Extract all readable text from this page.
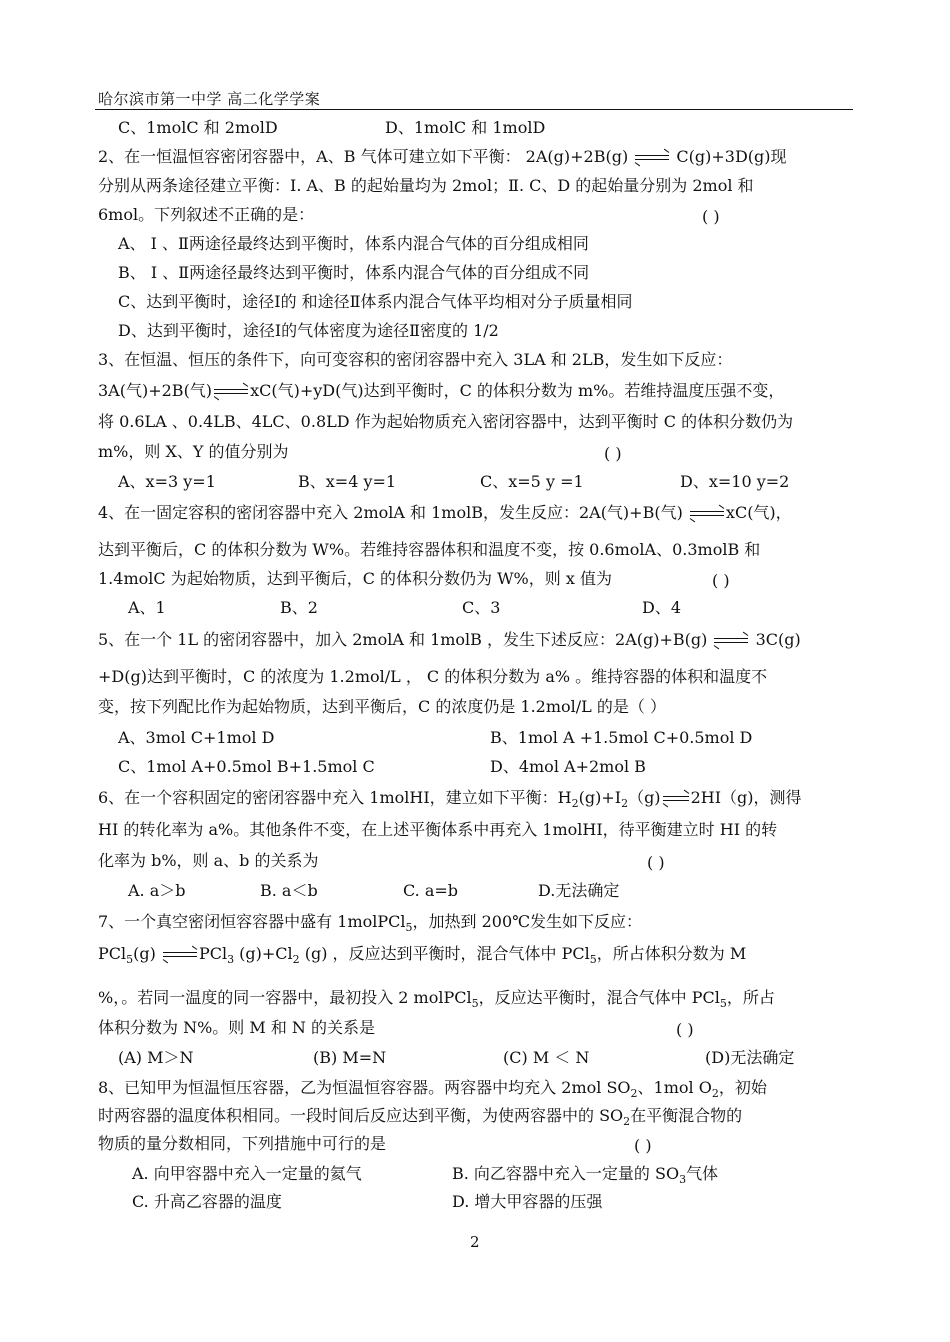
哈尔滨市第一中学 高二化学学案
C、1molC 和 2molD	D、1molC 和 1molD
2、在一恒温恒容密闭容器中，A、B 气体可建立如下平衡： 2A(g)+2B(g)	C(g)+3D(g)现
分别从两条途径建立平衡：Ⅰ. A、B 的起始量均为 2mol；Ⅱ. C、D 的起始量分别为 2mol 和
6mol。下列叙述不正确的是：	( )
A、 Ⅰ 、Ⅱ两途径最终达到平衡时，体系内混合气体的百分组成相同
B、 Ⅰ 、Ⅱ两途径最终达到平衡时，体系内混合气体的百分组成不同
C、达到平衡时，途径Ⅰ的 和途径Ⅱ体系内混合气体平均相对分子质量相同
D、达到平衡时，途径Ⅰ的气体密度为途径Ⅱ密度的 1/2
3、在恒温、恒压的条件下，向可变容积的密闭容器中充入 3LA 和 2LB，发生如下反应：
3A(气)+2B(气) xC(气)+yD(气)达到平衡时，C 的体积分数为 m%。若维持温度压强不变，
将 0.6LA 、0.4LB、4LC、0.8LD 作为起始物质充入密闭容器中，达到平衡时 C 的体积分数仍为
m%，则 X、Y 的值分别为	( )
A、x=3 y=1	B、x=4 y=1	C、x=5 y =1	D、x=10 y=2
4、在一固定容积的密闭容器中充入 2molA 和 1molB，发生反应：2A(气)+B(气)	xC(气)，
达到平衡后，C 的体积分数为 W%。若维持容器体积和温度不变，按 0.6molA、0.3molB 和
1.4molC 为起始物质，达到平衡后，C 的体积分数仍为 W%，则 x 值为	( )
A、1	B、2	C、3	D、4
5、在一个 1L 的密闭容器中，加入 2molA 和 1molB ，发生下述反应：2A(g)+B(g)	3C(g)
+D(g)达到平衡时，C 的浓度为 1.2mol/L ， C 的体积分数为 a% 。维持容器的体积和温度不
变，按下列配比作为起始物质，达到平衡后，C 的浓度仍是 1.2mol/L 的是（ ）
A、3mol C+1mol D	B、1mol A +1.5mol C+0.5mol D
C、1mol A+0.5mol B+1.5mol C	D、4mol A+2mol B
6、在一个容积固定的密闭容器中充入 1molHI，建立如下平衡：$H_2(g)+I_2(g)$ 2HI（g)，测得
HI 的转化率为 a%。其他条件不变，在上述平衡体系中再充入 1molHI，待平衡建立时 HI 的转
化率为 b%，则 a、b 的关系为	( )
A. a＞b	B. a＜b	C. a=b	D.无法确定
7、一个真空密闭恒容容器中盛有 1molPCl$_5$，加热到 200℃发生如下反应：
PCl$_5$(g)	PCl$_3$ $(g)+Cl_2$ (g) ，反应达到平衡时，混合气体中 PCl$_5$，所占体积分数为 M
%，。若同一温度的同一容器中，最初投入 2 molPCl$_5$，反应达平衡时，混合气体中 PCl$_5$，所占
体积分数为 N%。则 M 和 N 的关系是	( )
(A) M＞N	(B) M=N	(C) M ＜ N	(D)无法确定
8、已知甲为恒温恒压容器，乙为恒温恒容容器。两容器中均充入 2mol $SO_2$、1mol $O_2$，初始
时两容器的温度体积相同。一段时间后反应达到平衡，为使两容器中的 $SO_2$在平衡混合物的
物质的量分数相同，下列措施中可行的是	( )
A. 向甲容器中充入一定量的氦气	B. 向乙容器中充入一定量的 $SO_3$气体
C. 升高乙容器的温度	D. 增大甲容器的压强
2
